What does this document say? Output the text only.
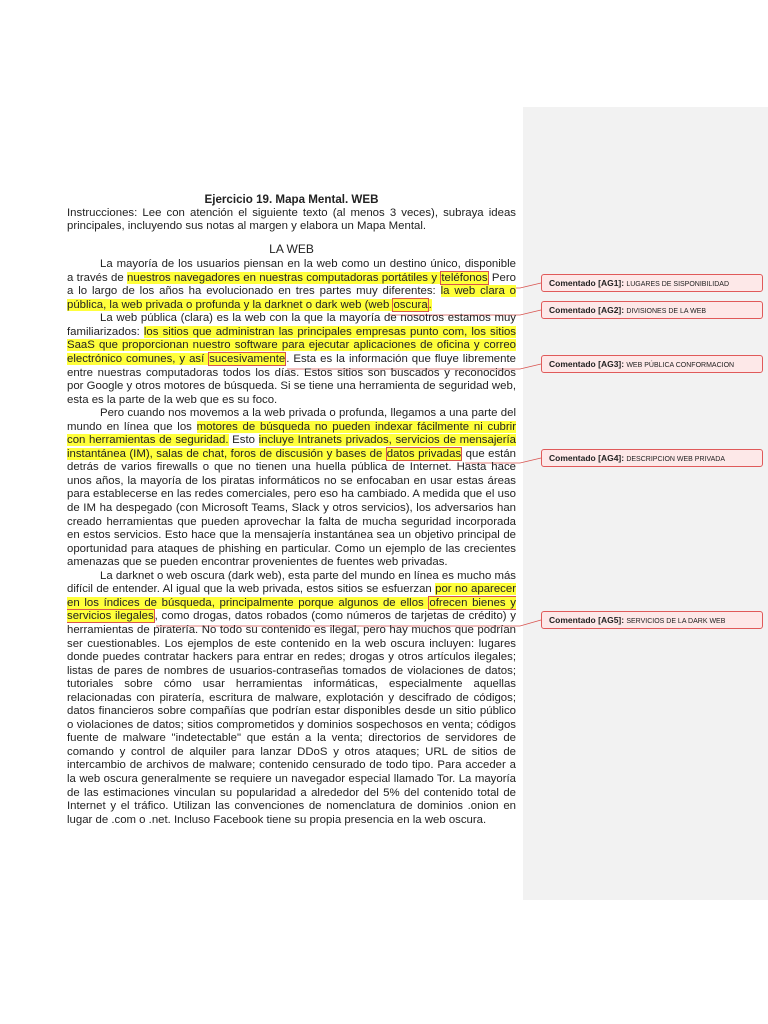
Ejercicio 19. Mapa Mental. WEB

Instrucciones: Lee con atención el siguiente texto (al menos 3 veces), subraya ideas principales, incluyendo sus notas al margen y elabora un Mapa Mental.

LA WEB

La mayoría de los usuarios piensan en la web como un destino único, disponible a través de nuestros navegadores en nuestras computadoras portátiles y teléfonos Pero a lo largo de los años ha evolucionado en tres partes muy diferentes: la web clara o pública, la web privada o profunda y la darknet o dark web (web oscura.

La web pública (clara) es la web con la que la mayoría de nosotros estamos muy familiarizados: los sitios que administran las principales empresas punto com, los sitios SaaS que proporcionan nuestro software para ejecutar aplicaciones de oficina y correo electrónico comunes, y así sucesivamente. Esta es la información que fluye libremente entre nuestras computadoras todos los días. Estos sitios son buscados y reconocidos por Google y otros motores de búsqueda. Si se tiene una herramienta de seguridad web, esta es la parte de la web que es su foco.

Pero cuando nos movemos a la web privada o profunda, llegamos a una parte del mundo en línea que los motores de búsqueda no pueden indexar fácilmente ni cubrir con herramientas de seguridad. Esto incluye Intranets privados, servicios de mensajería instantánea (IM), salas de chat, foros de discusión y bases de datos privadas que están detrás de varios firewalls o que no tienen una huella pública de Internet. Hasta hace unos años, la mayoría de los piratas informáticos no se enfocaban en usar estas áreas para establecerse en las redes comerciales, pero eso ha cambiado. A medida que el uso de IM ha despegado (con Microsoft Teams, Slack y otros servicios), los adversarios han creado herramientas que pueden aprovechar la falta de mucha seguridad incorporada en estos servicios. Esto hace que la mensajería instantánea sea un objetivo principal de oportunidad para ataques de phishing en particular. Como un ejemplo de las crecientes amenazas que se pueden encontrar provenientes de fuentes web privadas.

La darknet o web oscura (dark web), esta parte del mundo en línea es mucho más difícil de entender. Al igual que la web privada, estos sitios se esfuerzan por no aparecer en los índices de búsqueda, principalmente porque algunos de ellos ofrecen bienes y servicios ilegales, como drogas, datos robados (como números de tarjetas de crédito) y herramientas de piratería. No todo su contenido es ilegal, pero hay muchos que podrían ser cuestionables. Los ejemplos de este contenido en la web oscura incluyen: lugares donde puedes contratar hackers para entrar en redes; drogas y otros artículos ilegales; listas de pares de nombres de usuarios-contraseñas tomados de violaciones de datos; tutoriales sobre cómo usar herramientas informáticas, especialmente aquellas relacionadas con piratería, escritura de malware, explotación y descifrado de códigos; datos financieros sobre compañías que podrían estar disponibles desde un sitio público o violaciones de datos; sitios comprometidos y dominios sospechosos en venta; códigos fuente de malware "indetectable" que están a la venta; directorios de servidores de comando y control de alquiler para lanzar DDoS y otros ataques; URL de sitios de intercambio de archivos de malware; contenido censurado de todo tipo. Para acceder a la web oscura generalmente se requiere un navegador especial llamado Tor. La mayoría de las estimaciones vinculan su popularidad a alrededor del 5% del contenido total de Internet y el tráfico. Utilizan las convenciones de nomenclatura de dominios .onion en lugar de .com o .net. Incluso Facebook tiene su propia presencia en la web oscura.

Comentado [AG1]: LUGARES DE SISPONIBILIDAD
Comentado [AG2]: DIVISIONES DE LA WEB
Comentado [AG3]: WEB PÚBLICA CONFORMACION
Comentado [AG4]: DESCRIPCION WEB PRIVADA
Comentado [AG5]: SERVICIOS DE LA DARK WEB
